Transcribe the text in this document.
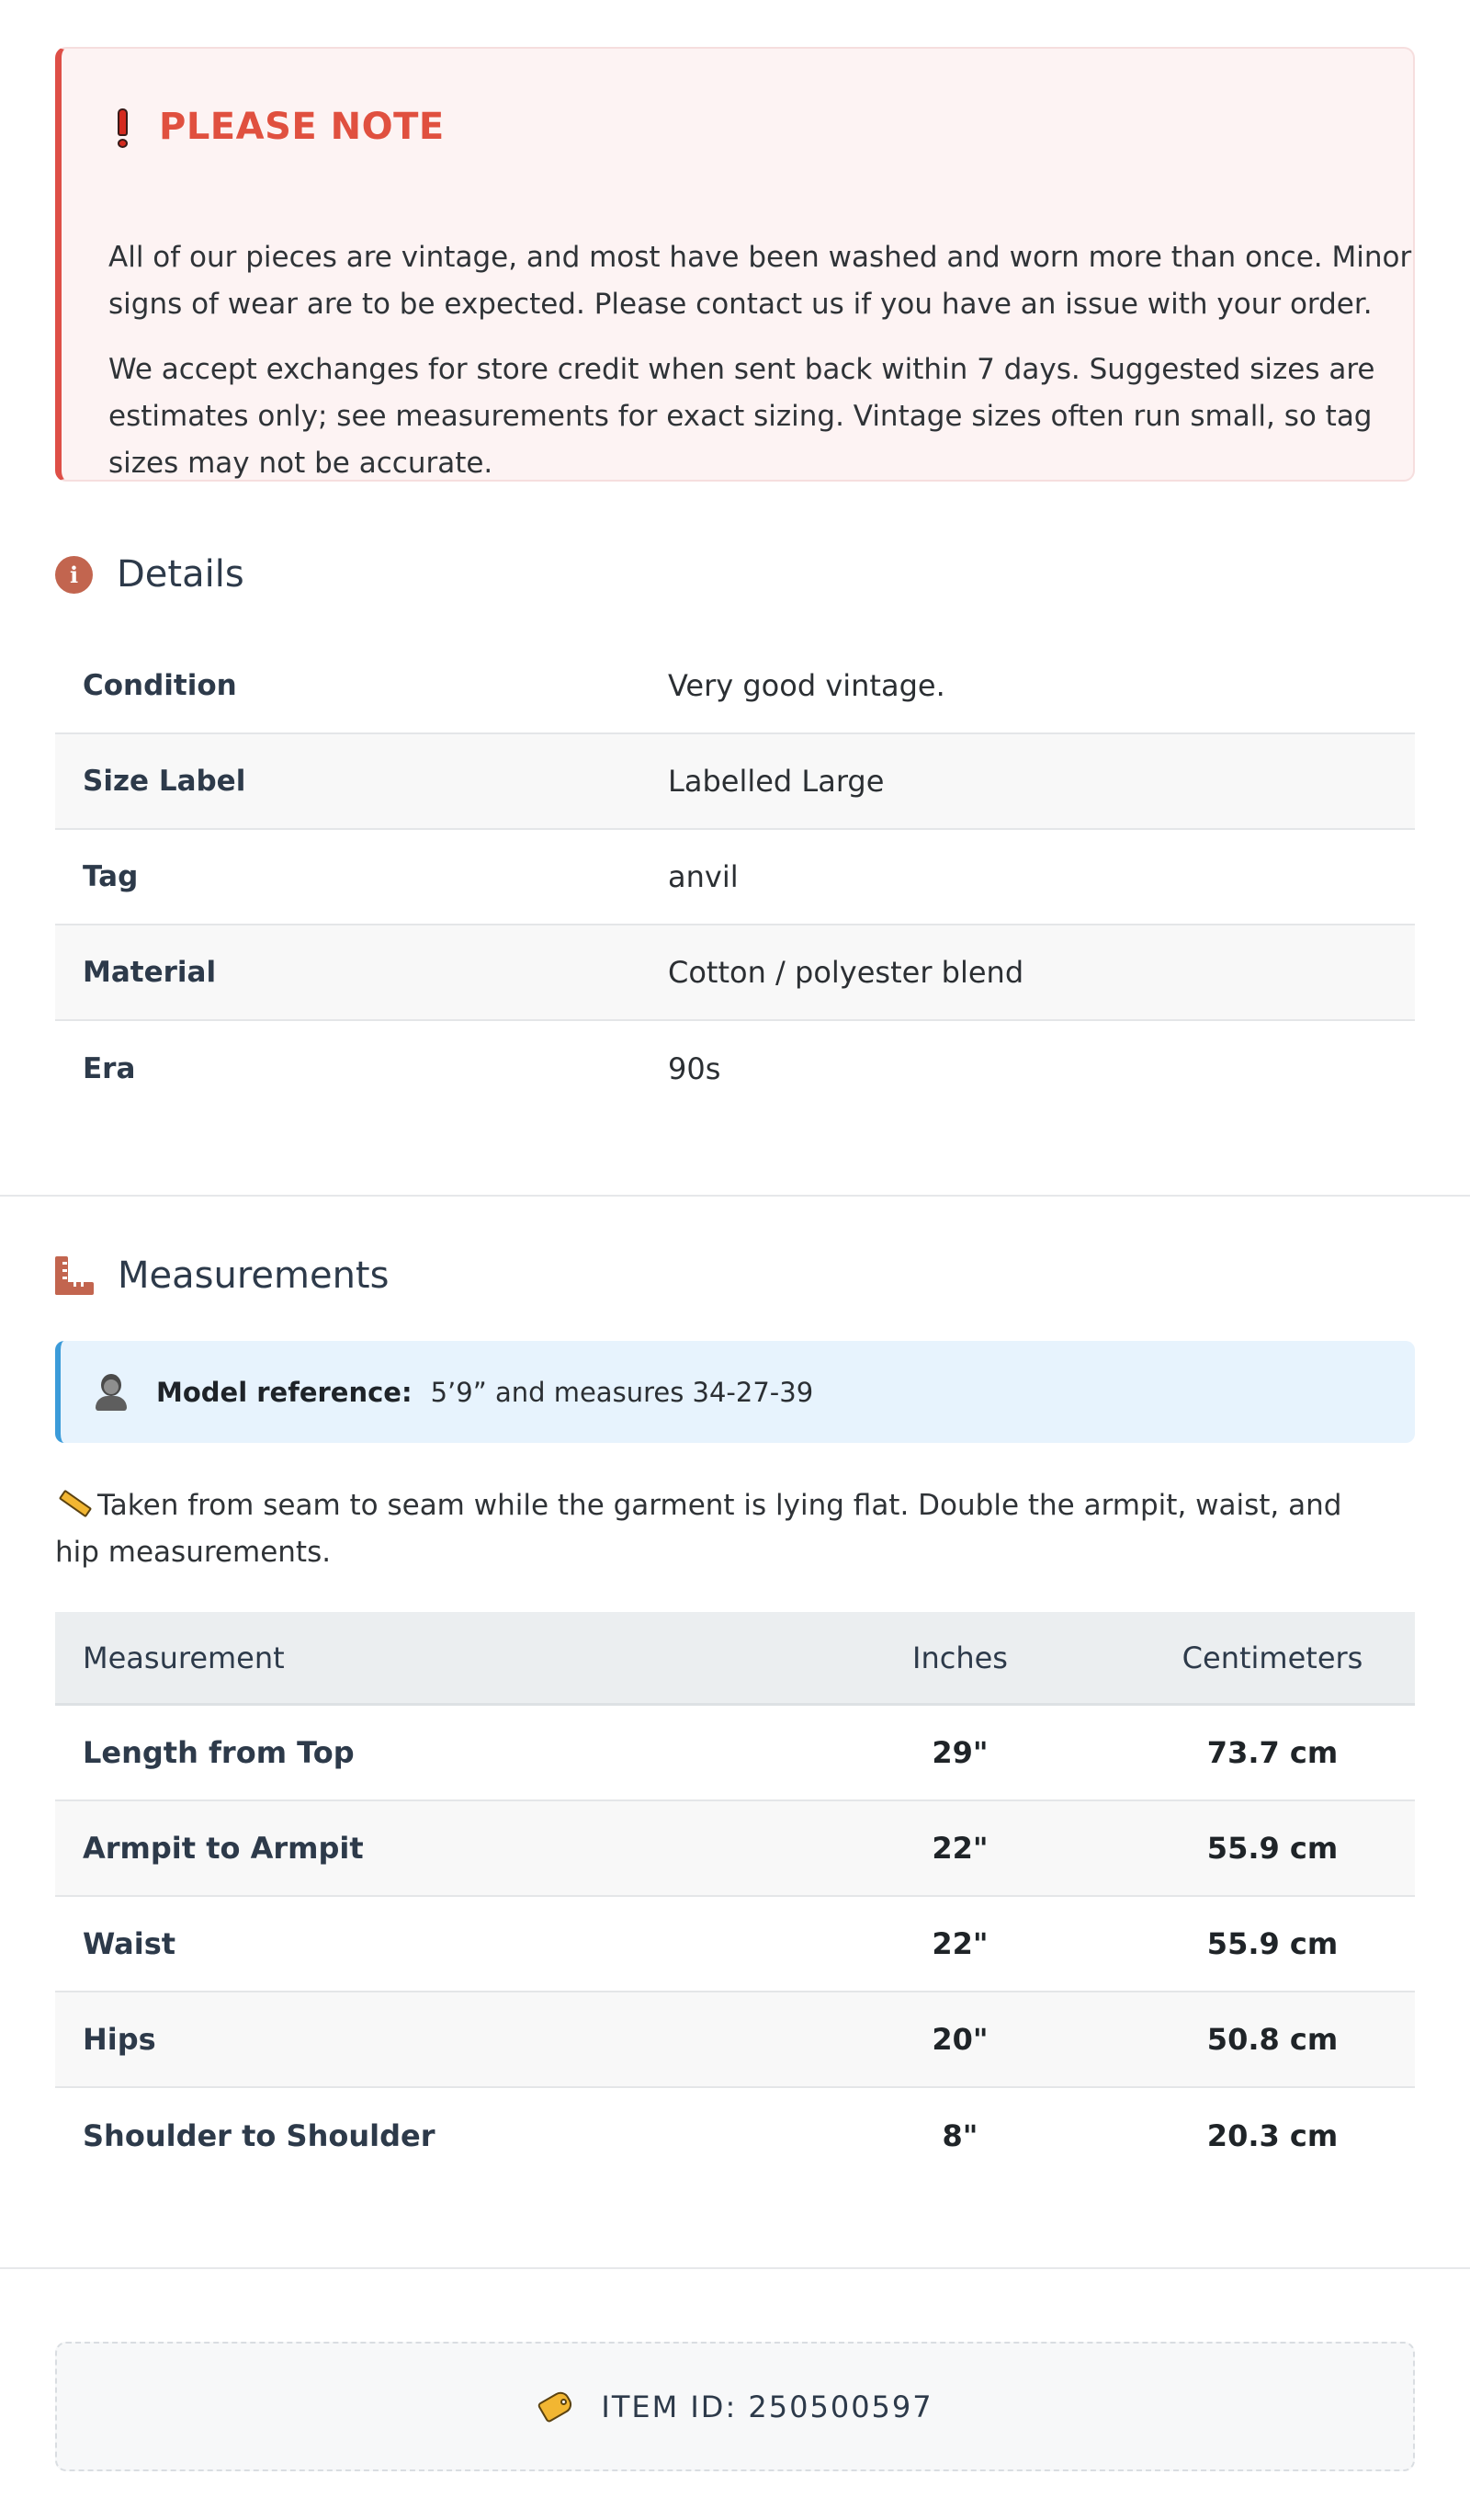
PLEASE NOTE

All of our pieces are vintage, and most have been washed and worn more than once. Minor signs of wear are to be expected. Please contact us if you have an issue with your order.

We accept exchanges for store credit when sent back within 7 days. Suggested sizes are estimates only; see measurements for exact sizing. Vintage sizes often run small, so tag sizes may not be accurate.

i	Details
Condition	Very good vintage.
Size Label	Labelled Large
Tag	anvil
Material	Cotton / polyester blend
Era	90s
Measurements
Model reference: 5’9” and measures 34-27-39

Taken from seam to seam while the garment is lying flat. Double the armpit, waist, and hip measurements.

Measurement	Inches	Centimeters
Length from Top	29"	73.7 cm
Armpit to Armpit	22"	55.9 cm
Waist	22"	55.9 cm
Hips	20"	50.8 cm
Shoulder to Shoulder	8"	20.3 cm
ITEM ID: 250500597
